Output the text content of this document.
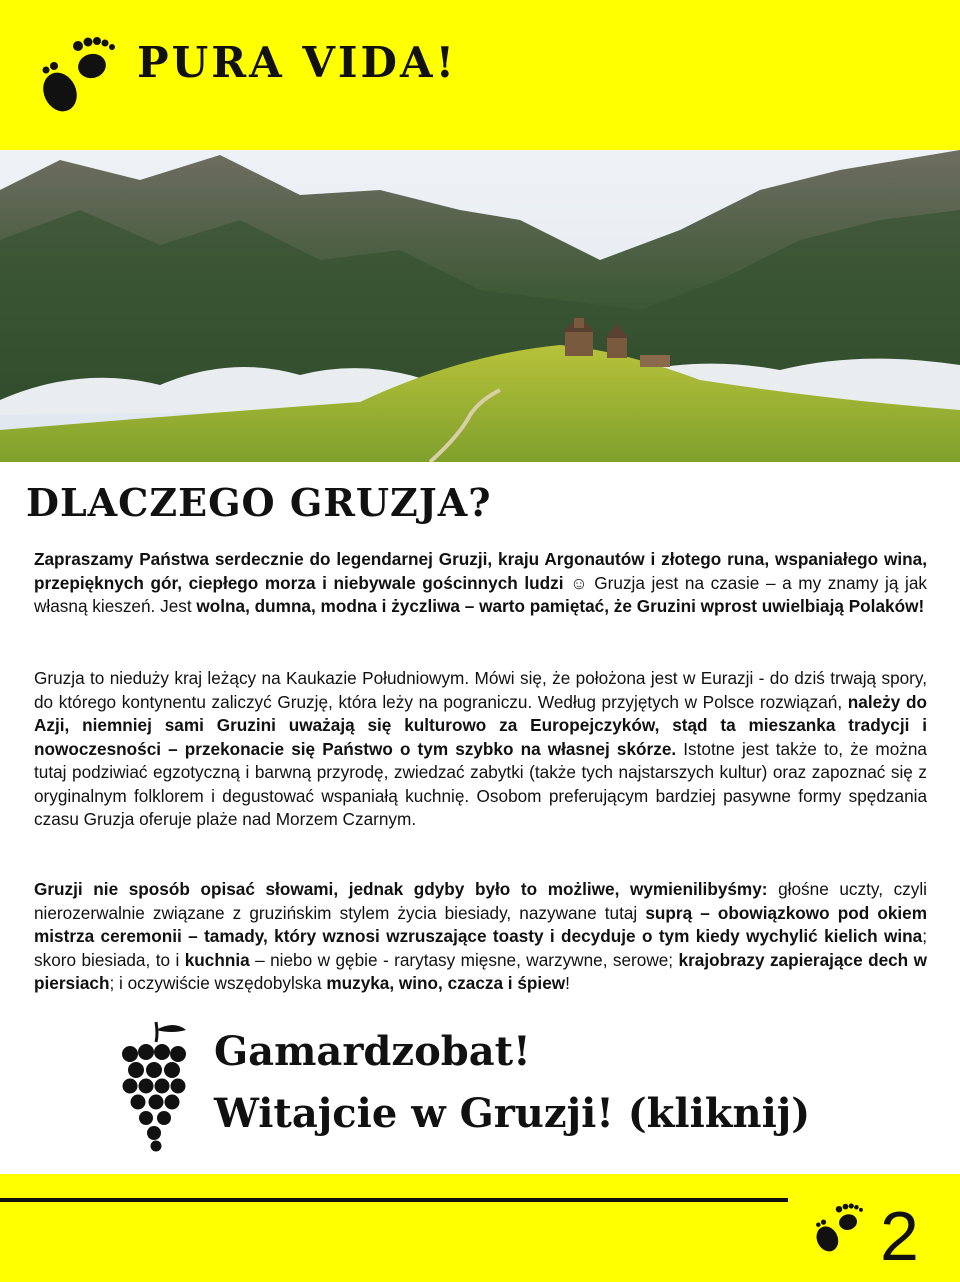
PURA VIDA!
DLACZEGO GRUZJA?

Zapraszamy Państwa serdecznie do legendarnej Gruzji, kraju Argonautów i złotego runa, wspaniałego wina, przepięknych gór, ciepłego morza i niebywale gościnnych ludzi ☺ Gruzja jest na czasie – a my znamy ją jak własną kieszeń. Jest wolna, dumna, modna i życzliwa – warto pamiętać, że Gruzini wprost uwielbiają Polaków!

Gruzja to nieduży kraj leżący na Kaukazie Południowym. Mówi się, że położona jest w Eurazji - do dziś trwają spory, do którego kontynentu zaliczyć Gruzję, która leży na pograniczu. Według przyjętych w Polsce rozwiązań, należy do Azji, niemniej sami Gruzini uważają się kulturowo za Europejczyków, stąd ta mieszanka tradycji i nowoczesności – przekonacie się Państwo o tym szybko na własnej skórze. Istotne jest także to, że można tutaj podziwiać egzotyczną i barwną przyrodę, zwiedzać zabytki (także tych najstarszych kultur) oraz zapoznać się z oryginalnym folklorem i degustować wspaniałą kuchnię. Osobom preferującym bardziej pasywne formy spędzania czasu Gruzja oferuje plaże nad Morzem Czarnym.

Gruzji nie sposób opisać słowami, jednak gdyby było to możliwe, wymienilibyśmy: głośne uczty, czyli nierozerwalnie związane z gruzińskim stylem życia biesiady, nazywane tutaj suprą – obowiązkowo pod okiem mistrza ceremonii – tamady, który wznosi wzruszające toasty i decyduje o tym kiedy wychylić kielich wina; skoro biesiada, to i kuchnia – niebo w gębie - rarytasy mięsne, warzywne, serowe; krajobrazy zapierające dech w piersiach; i oczywiście wszędobylska muzyka, wino, czacza i śpiew!

Gamardzobat!
Witajcie w Gruzji! (kliknij)
2
